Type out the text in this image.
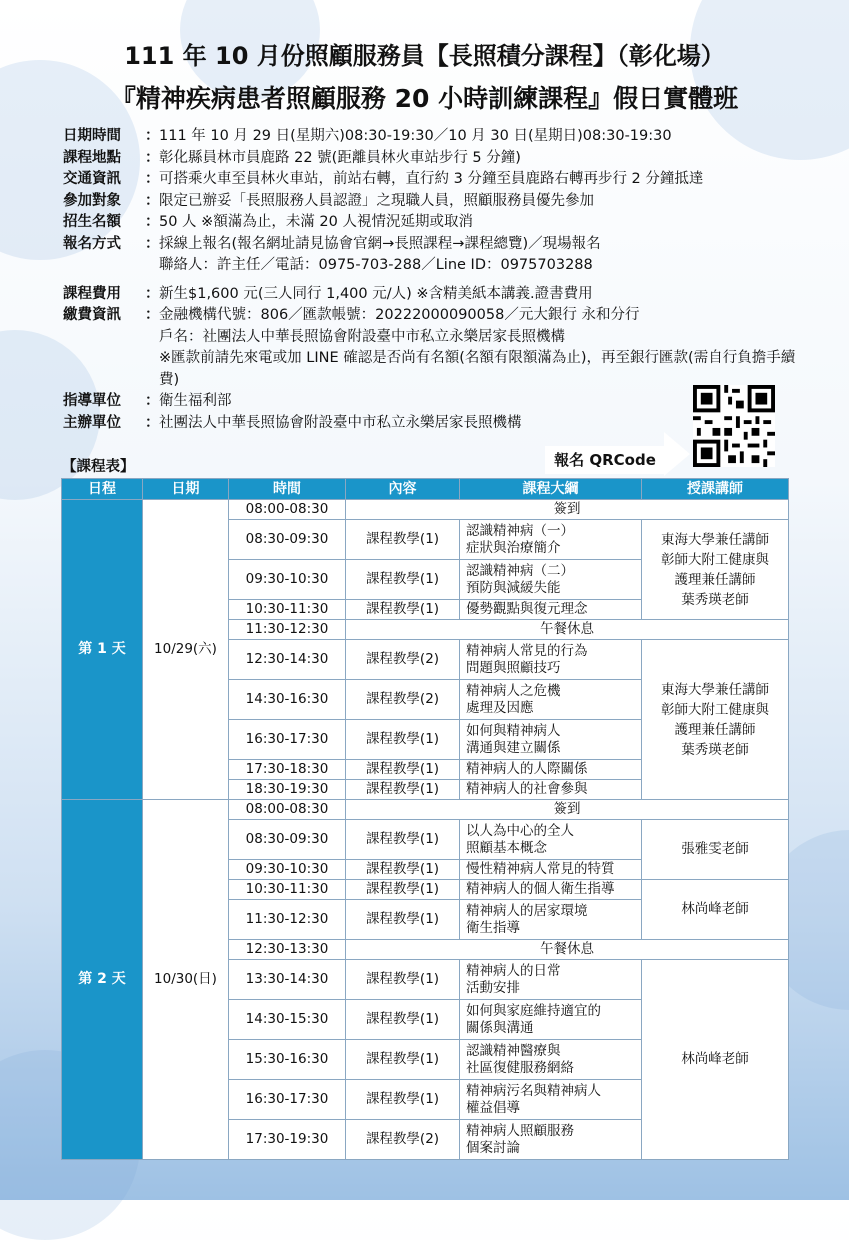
111 年 10 月份照顧服務員【長照積分課程】（彰化場）
『精神疾病患者照顧服務 20 小時訓練課程』假日實體班
日期時間	： 111 年 10 月 29 日(星期六)08:30-19:30／10 月 30 日(星期日)08:30-19:30
課程地點	： 彰化縣員林市員鹿路 22 號(距離員林火車站步行 5 分鐘)
交通資訊	： 可搭乘火車至員林火車站，前站右轉，直行約 3 分鐘至員鹿路右轉再步行 2 分鐘抵達
參加對象	： 限定已辦妥「長照服務人員認證」之現職人員，照顧服務員優先參加
招生名額	： 50 人 ※額滿為止，未滿 20 人視情況延期或取消
報名方式	： 採線上報名(報名網址請見協會官網→長照課程→課程總覽)／現場報名
聯絡人：許主任／電話：0975-703-288／Line ID：0975703288
課程費用	： 新生$1,600 元(三人同行 1,400 元/人) ※含精美紙本講義.證書費用
繳費資訊	： 金融機構代號：806／匯款帳號：20222000090058／元大銀行 永和分行
戶名：社團法人中華長照協會附設臺中市私立永樂居家長照機構
※匯款前請先來電或加 LINE 確認是否尚有名額(名額有限額滿為止)，再至銀行匯款(需自行負擔手續費)
指導單位	： 衛生福利部
主辦單位	： 社團法人中華長照協會附設臺中市私立永樂居家長照機構
報名 QRCode
【課程表】
日程	日期	時間	內容	課程大綱	授課講師
第 1 天	10/29(六)	08:00-08:30	簽到		
		08:30-09:30	課程教學(1)	認識精神病（一）
症狀與治療簡介	東海大學兼任講師
彰師大附工健康與
護理兼任講師
葉秀瑛老師
		09:30-10:30	課程教學(1)	認識精神病（二）
預防與減緩失能	
		10:30-11:30	課程教學(1)	優勢觀點與復元理念	
		11:30-12:30	午餐休息		
		12:30-14:30	課程教學(2)	精神病人常見的行為
問題與照顧技巧	東海大學兼任講師
彰師大附工健康與
護理兼任講師
葉秀瑛老師
		14:30-16:30	課程教學(2)	精神病人之危機
處理及因應	
		16:30-17:30	課程教學(1)	如何與精神病人
溝通與建立關係	
		17:30-18:30	課程教學(1)	精神病人的人際關係	
		18:30-19:30	課程教學(1)	精神病人的社會參與	
第 2 天	10/30(日)	08:00-08:30	簽到		
		08:30-09:30	課程教學(1)	以人為中心的全人
照顧基本概念	張雅雯老師
		09:30-10:30	課程教學(1)	慢性精神病人常見的特質	
		10:30-11:30	課程教學(1)	精神病人的個人衛生指導	林尚峰老師
		11:30-12:30	課程教學(1)	精神病人的居家環境
衛生指導	
		12:30-13:30	午餐休息		
		13:30-14:30	課程教學(1)	精神病人的日常
活動安排	林尚峰老師
		14:30-15:30	課程教學(1)	如何與家庭維持適宜的
關係與溝通	
		15:30-16:30	課程教學(1)	認識精神醫療與
社區復健服務網絡	
		16:30-17:30	課程教學(1)	精神病污名與精神病人
權益倡導	
		17:30-19:30	課程教學(2)	精神病人照顧服務
個案討論	
